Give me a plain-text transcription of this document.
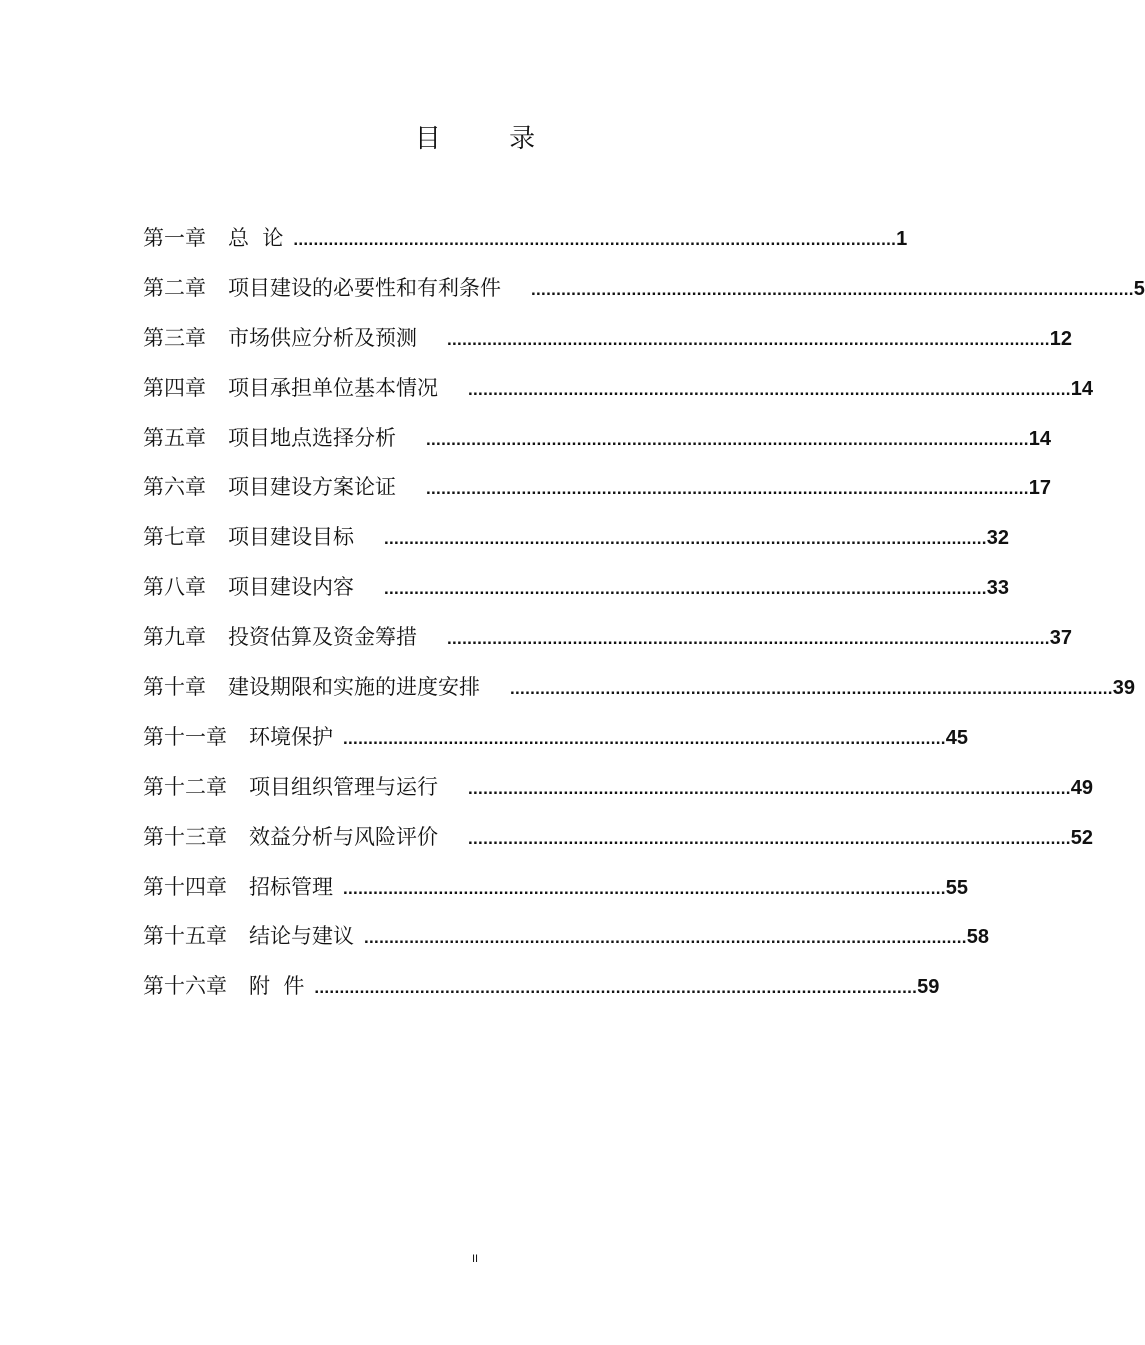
目 录
第一章 总  论 ........................................................................................................................ 1
第二章 项目建设的必要性和有利条件 ........................................................................................................................ 5
第三章 市场供应分析及预测 ........................................................................................................................ 12
第四章 项目承担单位基本情况 ........................................................................................................................ 14
第五章 项目地点选择分析 ........................................................................................................................ 14
第六章 项目建设方案论证 ........................................................................................................................ 17
第七章 项目建设目标 ........................................................................................................................ 32
第八章 项目建设内容 ........................................................................................................................ 33
第九章 投资估算及资金筹措 ........................................................................................................................ 37
第十章 建设期限和实施的进度安排 ........................................................................................................................ 39
第十一章 环境保护 ........................................................................................................................ 45
第十二章 项目组织管理与运行 ........................................................................................................................ 49
第十三章 效益分析与风险评价 ........................................................................................................................ 52
第十四章 招标管理 ........................................................................................................................ 55
第十五章 结论与建议 ........................................................................................................................ 58
第十六章 附  件 ........................................................................................................................ 59
II
